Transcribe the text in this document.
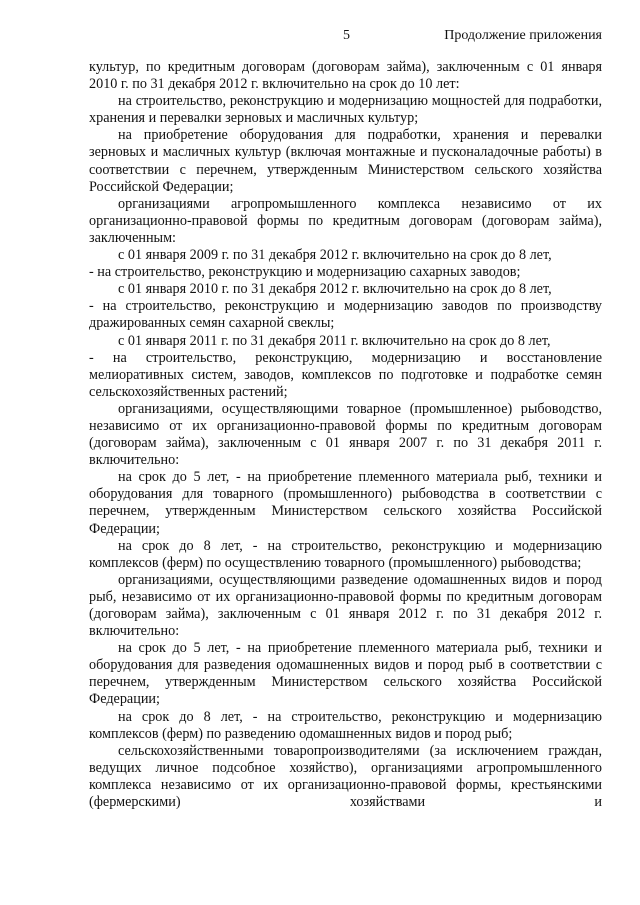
5	Продолжение приложения

культур, по кредитным договорам (договорам займа), заключенным с 01 января 2010 г. по 31 декабря 2012 г. включительно на срок до 10 лет:

на строительство, реконструкцию и модернизацию мощностей для подработки, хранения и перевалки зерновых и масличных культур;

на приобретение оборудования для подработки, хранения и перевалки зерновых и масличных культур (включая монтажные и пусконаладочные работы) в соответствии с перечнем, утвержденным Министерством сельского хозяйства Российской Федерации;

организациями агропромышленного комплекса независимо от их организационно-правовой формы по кредитным договорам (договорам займа), заключенным:

с 01 января 2009 г. по 31 декабря 2012 г. включительно на срок до 8 лет,

- на строительство, реконструкцию и модернизацию сахарных заводов;

с 01 января 2010 г. по 31 декабря 2012 г. включительно на срок до 8 лет,

- на строительство, реконструкцию и модернизацию заводов по производству дражированных семян сахарной свеклы;

с 01 января 2011 г. по 31 декабря 2011 г. включительно на срок до 8 лет,

- на строительство, реконструкцию, модернизацию и восстановление мелиоративных систем, заводов, комплексов по подготовке и подработке семян сельскохозяйственных растений;

организациями, осуществляющими товарное (промышленное) рыбоводство, независимо от их организационно-правовой формы по кредитным договорам (договорам займа), заключенным с 01 января 2007 г. по 31 декабря 2011 г. включительно:

на срок до 5 лет, - на приобретение племенного материала рыб, техники и оборудования для товарного (промышленного) рыбоводства в соответствии с перечнем, утвержденным Министерством сельского хозяйства Российской Федерации;

на срок до 8 лет, - на строительство, реконструкцию и модернизацию комплексов (ферм) по осуществлению товарного (промышленного) рыбоводства;

организациями, осуществляющими разведение одомашненных видов и пород рыб, независимо от их организационно-правовой формы по кредитным договорам (договорам займа), заключенным с 01 января 2012 г. по 31 декабря 2012 г. включительно:

на срок до 5 лет, - на приобретение племенного материала рыб, техники и оборудования для разведения одомашненных видов и пород рыб в соответствии с перечнем, утвержденным Министерством сельского хозяйства Российской Федерации;

на срок до 8 лет, - на строительство, реконструкцию и модернизацию комплексов (ферм) по разведению одомашненных видов и пород рыб;

сельскохозяйственными товаропроизводителями (за исключением граждан, ведущих личное подсобное хозяйство), организациями агропромышленного комплекса независимо от их организационно-правовой формы, крестьянскими (фермерскими) хозяйствами и
